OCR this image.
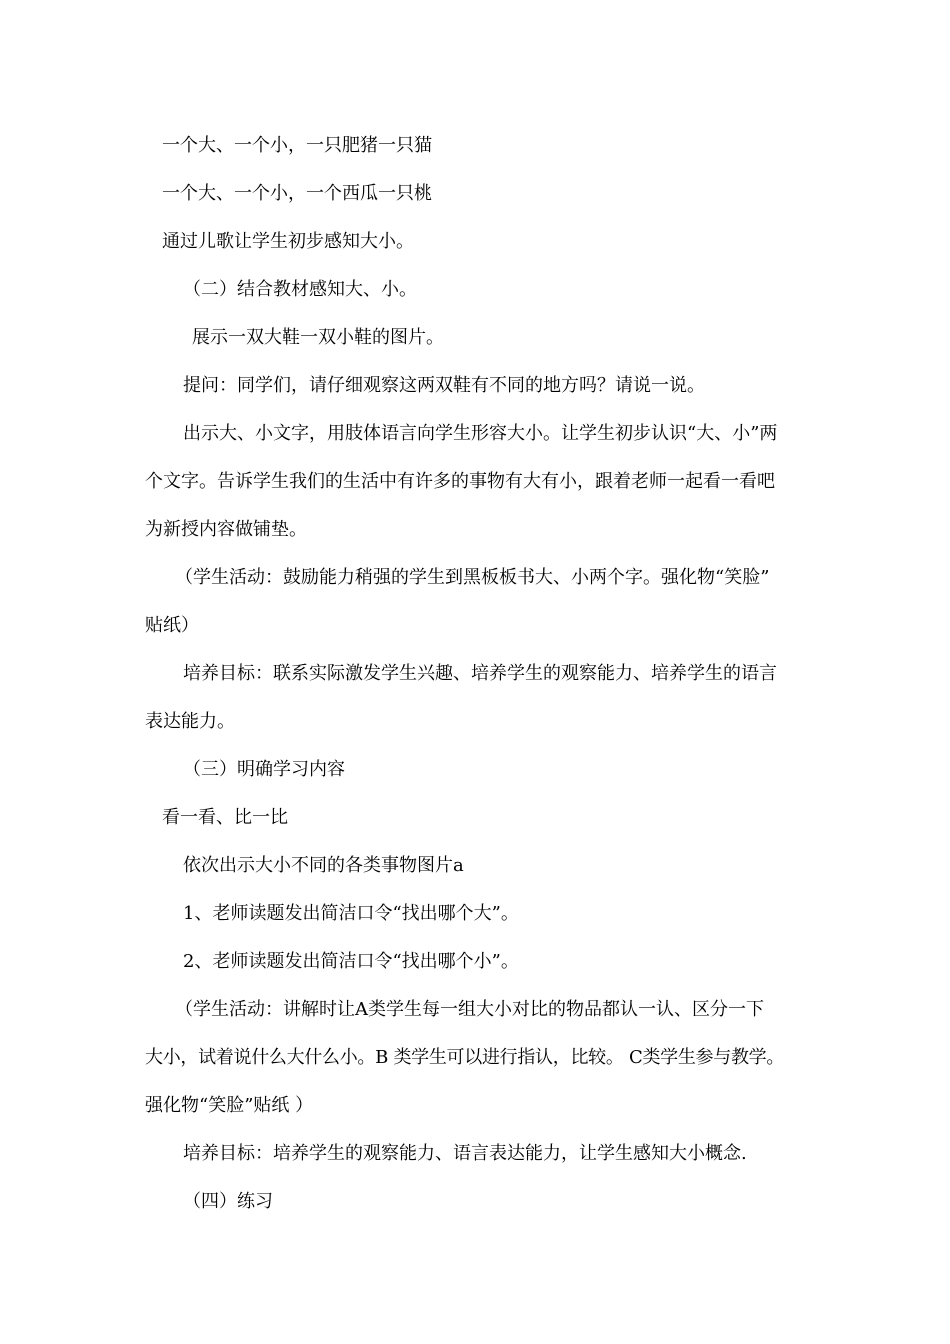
一个大、一个小，一只肥猪一只猫
一个大、一个小，一个西瓜一只桃
通过儿歌让学生初步感知大小。
（二）结合教材感知大、小。
展示一双大鞋一双小鞋的图片。
提问：同学们，请仔细观察这两双鞋有不同的地方吗？请说一说。
出示大、小文字，用肢体语言向学生形容大小。让学生初步认识“大、小”两
个文字。告诉学生我们的生活中有许多的事物有大有小，跟着老师一起看一看吧
为新授内容做铺垫。
（学生活动：鼓励能力稍强的学生到黑板板书大、小两个字。强化物“笑脸”
贴纸）
培养目标：联系实际激发学生兴趣、培养学生的观察能力、培养学生的语言
表达能力。
（三）明确学习内容
看一看、比一比
依次出示大小不同的各类事物图片a
1、老师读题发出简洁口令“找出哪个大”。
2、老师读题发出简洁口令“找出哪个小”。
（学生活动：讲解时让A类学生每一组大小对比的物品都认一认、区分一下
大小，试着说什么大什么小。B 类学生可以进行指认，比较。 C类学生参与教学。
强化物“笑脸”贴纸 ）
培养目标：培养学生的观察能力、语言表达能力，让学生感知大小概念.
（四）练习
